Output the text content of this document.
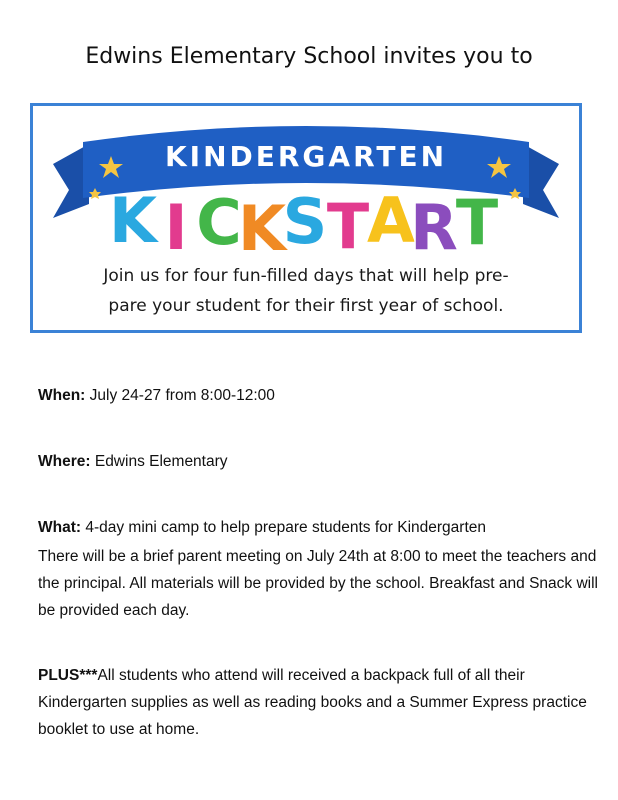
Edwins Elementary School invites you to
KINDERGARTEN
K I C
K
S T
A
R
T
Join us for four fun-filled days that will help pre-
pare your student for their first year of school.
When: July 24-27 from 8:00-12:00
Where: Edwins Elementary
What: 4-day mini camp to help prepare students for Kindergarten
There will be a brief parent meeting on July 24th at 8:00 to meet the teachers and the principal. All materials will be provided by the school. Breakfast and Snack will be provided each day.
PLUS***All students who attend will received a backpack full of all their Kindergarten supplies as well as reading books and a Summer Express practice booklet to use at home.
